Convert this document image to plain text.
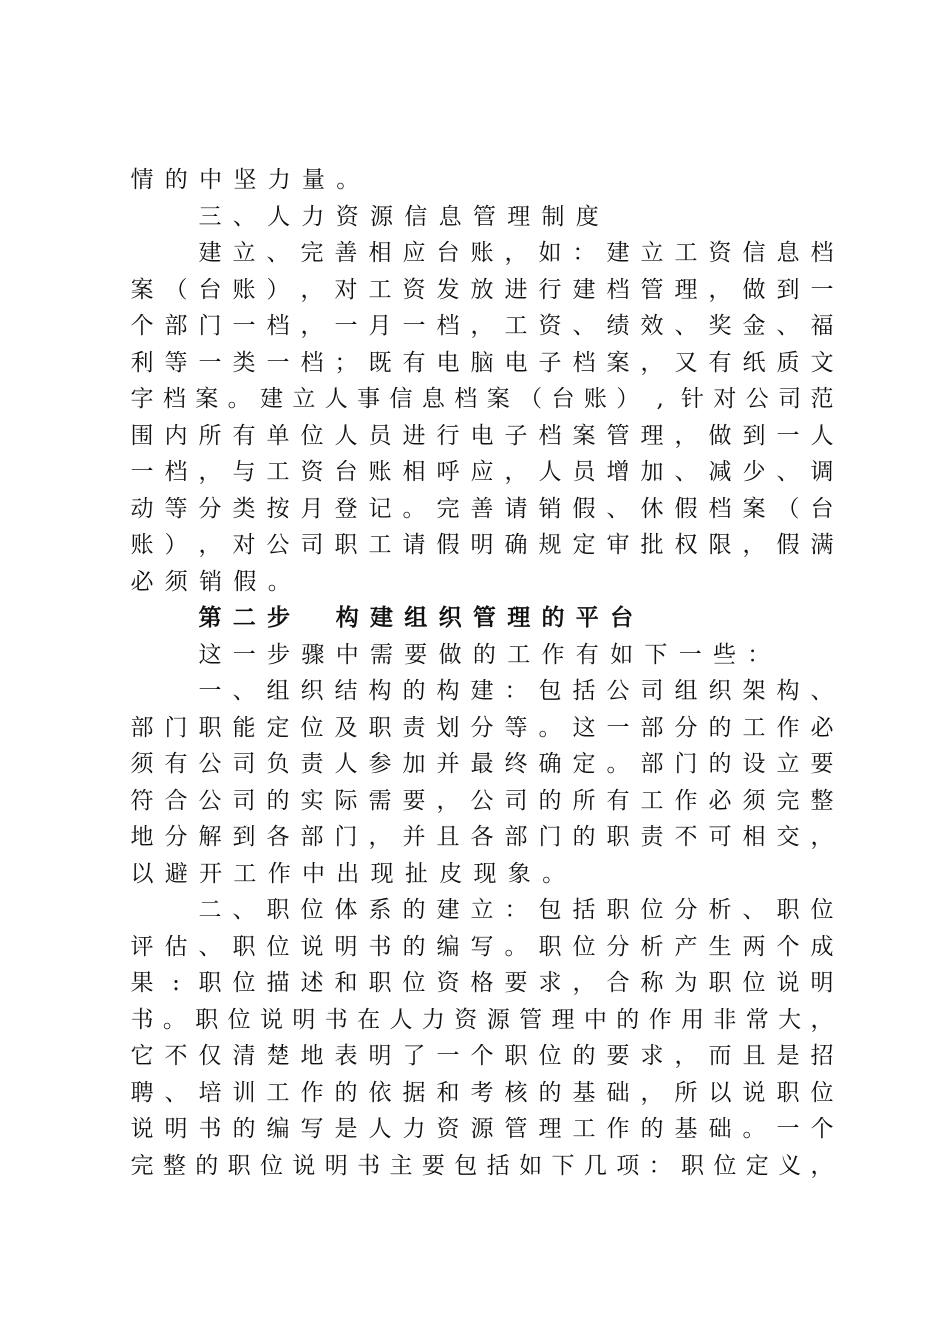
情 的 中 坚 力 量 。
三 、 人 力 资 源 信 息 管 理 制 度
建 立 、 完 善 相 应 台 账 ， 如 ： 建 立 工 资 信 息 档
案 （ 台 账 ） ， 对 工 资 发 放 进 行 建 档 管 理 ， 做 到 一
个 部 门 一 档 ， 一 月 一 档 ， 工 资 、 绩 效 、 奖 金 、 福
利 等 一 类 一 档 ； 既 有 电 脑 电 子 档 案 ， 又 有 纸 质 文
字 档 案 。 建 立 人 事 信 息 档 案 （ 台 账 ） , 针 对 公 司 范
围 内 所 有 单 位 人 员 进 行 电 子 档 案 管 理 ， 做 到 一 人
一 档 ， 与 工 资 台 账 相 呼 应 ， 人 员 增 加 、 减 少 、 调
动 等 分 类 按 月 登 记 。 完 善 请 销 假 、 休 假 档 案 （ 台
账 ） ， 对 公 司 职 工 请 假 明 确 规 定 审 批 权 限 ， 假 满
必 须 销 假 。
第 二 步
　 构 建 组 织 管 理 的 平 台
这 一 步 骤 中 需 要 做 的 工 作 有 如 下 一 些 ：
一 、 组 织 结 构 的 构 建 ： 包 括 公 司 组 织 架 构 、
部 门 职 能 定 位 及 职 责 划 分 等 。 这 一 部 分 的 工 作 必
须 有 公 司 负 责 人 参 加 并 最 终 确 定 。 部 门 的 设 立 要
符 合 公 司 的 实 际 需 要 ， 公 司 的 所 有 工 作 必 须 完 整
地 分 解 到 各 部 门 ， 并 且 各 部 门 的 职 责 不 可 相 交 ，
以 避 开 工 作 中 出 现 扯 皮 现 象 。
二 、 职 位 体 系 的 建 立 ： 包 括 职 位 分 析 、 职 位
评 估 、 职 位 说 明 书 的 编 写 。 职 位 分 析 产 生 两 个 成
果 : 职 位 描 述 和 职 位 资 格 要 求 ， 合 称 为 职 位 说 明
书 。 职 位 说 明 书 在 人 力 资 源 管 理 中 的 作 用 非 常 大 ，
它 不 仅 清 楚 地 表 明 了 一 个 职 位 的 要 求 ， 而 且 是 招
聘 、 培 训 工 作 的 依 据 和 考 核 的 基 础 ， 所 以 说 职 位
说 明 书 的 编 写 是 人 力 资 源 管 理 工 作 的 基 础 。 一 个
完 整 的 职 位 说 明 书 主 要 包 括 如 下 几 项 ： 职 位 定 义 ，
